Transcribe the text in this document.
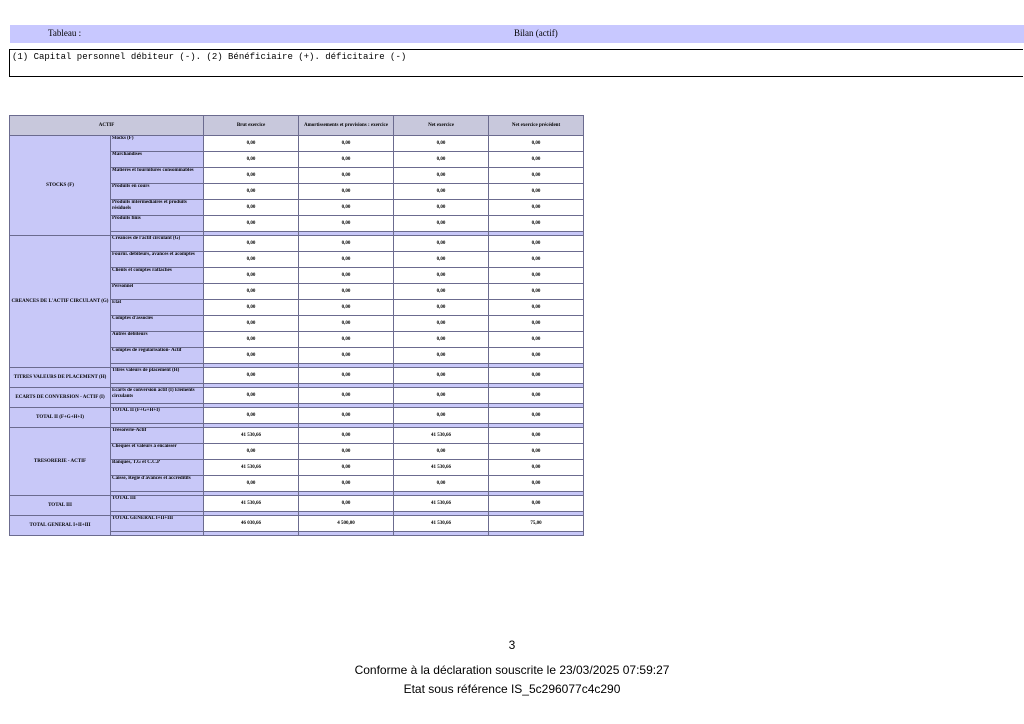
Tableau :	Bilan (actif)
(1) Capital personnel débiteur (-). (2) Bénéficiaire (+). déficitaire (-)
ACTIF		Brut exercice	Amortissements et provisions : exercice	Net exercice	Net exercice précédent
STOCKS (F)	Stocks (F)	0,00	0,00	0,00	0,00
	Marchandises	0,00	0,00	0,00	0,00
	Matières et fournitures consommables	0,00	0,00	0,00	0,00
	Produits en cours	0,00	0,00	0,00	0,00
	Produits intermédiaires et produits résiduels	0,00	0,00	0,00	0,00
	Produits finis	0,00	0,00	0,00	0,00

CREANCES DE L'ACTIF CIRCULANT (G)	Créances de l'actif circulant (G)	0,00	0,00	0,00	0,00
	Fourni. débiteurs, avances et acomptes	0,00	0,00	0,00	0,00
	Clients et comptes rattachés	0,00	0,00	0,00	0,00
	Personnel	0,00	0,00	0,00	0,00
	Etat	0,00	0,00	0,00	0,00
	Comptes d'associés	0,00	0,00	0,00	0,00
	Autres débiteurs	0,00	0,00	0,00	0,00
	Comptes de régularisation- Actif	0,00	0,00	0,00	0,00

TITRES VALEURS DE PLACEMENT (H)	Titres valeurs de placement (H)	0,00	0,00	0,00	0,00

ECARTS DE CONVERSION - ACTIF (I)	Ecarts de conversion actif (I) Eléments circulants	0,00	0,00	0,00	0,00

TOTAL II (F+G+H+I)	TOTAL II (F+G+H+I)	0,00	0,00	0,00	0,00

TRESORERIE - ACTIF	Trésorerie-Actif	41 530,66	0,00	41 530,66	0,00
	Chèques et valeurs à encaisser	0,00	0,00	0,00	0,00
	Banques, T.G et C.C.P	41 530,66	0,00	41 530,66	0,00
	Caisse, Régie d'avances et accréditifs	0,00	0,00	0,00	0,00

TOTAL III	TOTAL III	41 530,66	0,00	41 530,66	0,00

TOTAL GENERAL I+II+III	TOTAL GENERAL I+II+III	46 030,66	4 500,00	41 530,66	75,00

3
Conforme à la déclaration souscrite le 23/03/2025 07:59:27
Etat sous référence IS_5c296077c4c290
